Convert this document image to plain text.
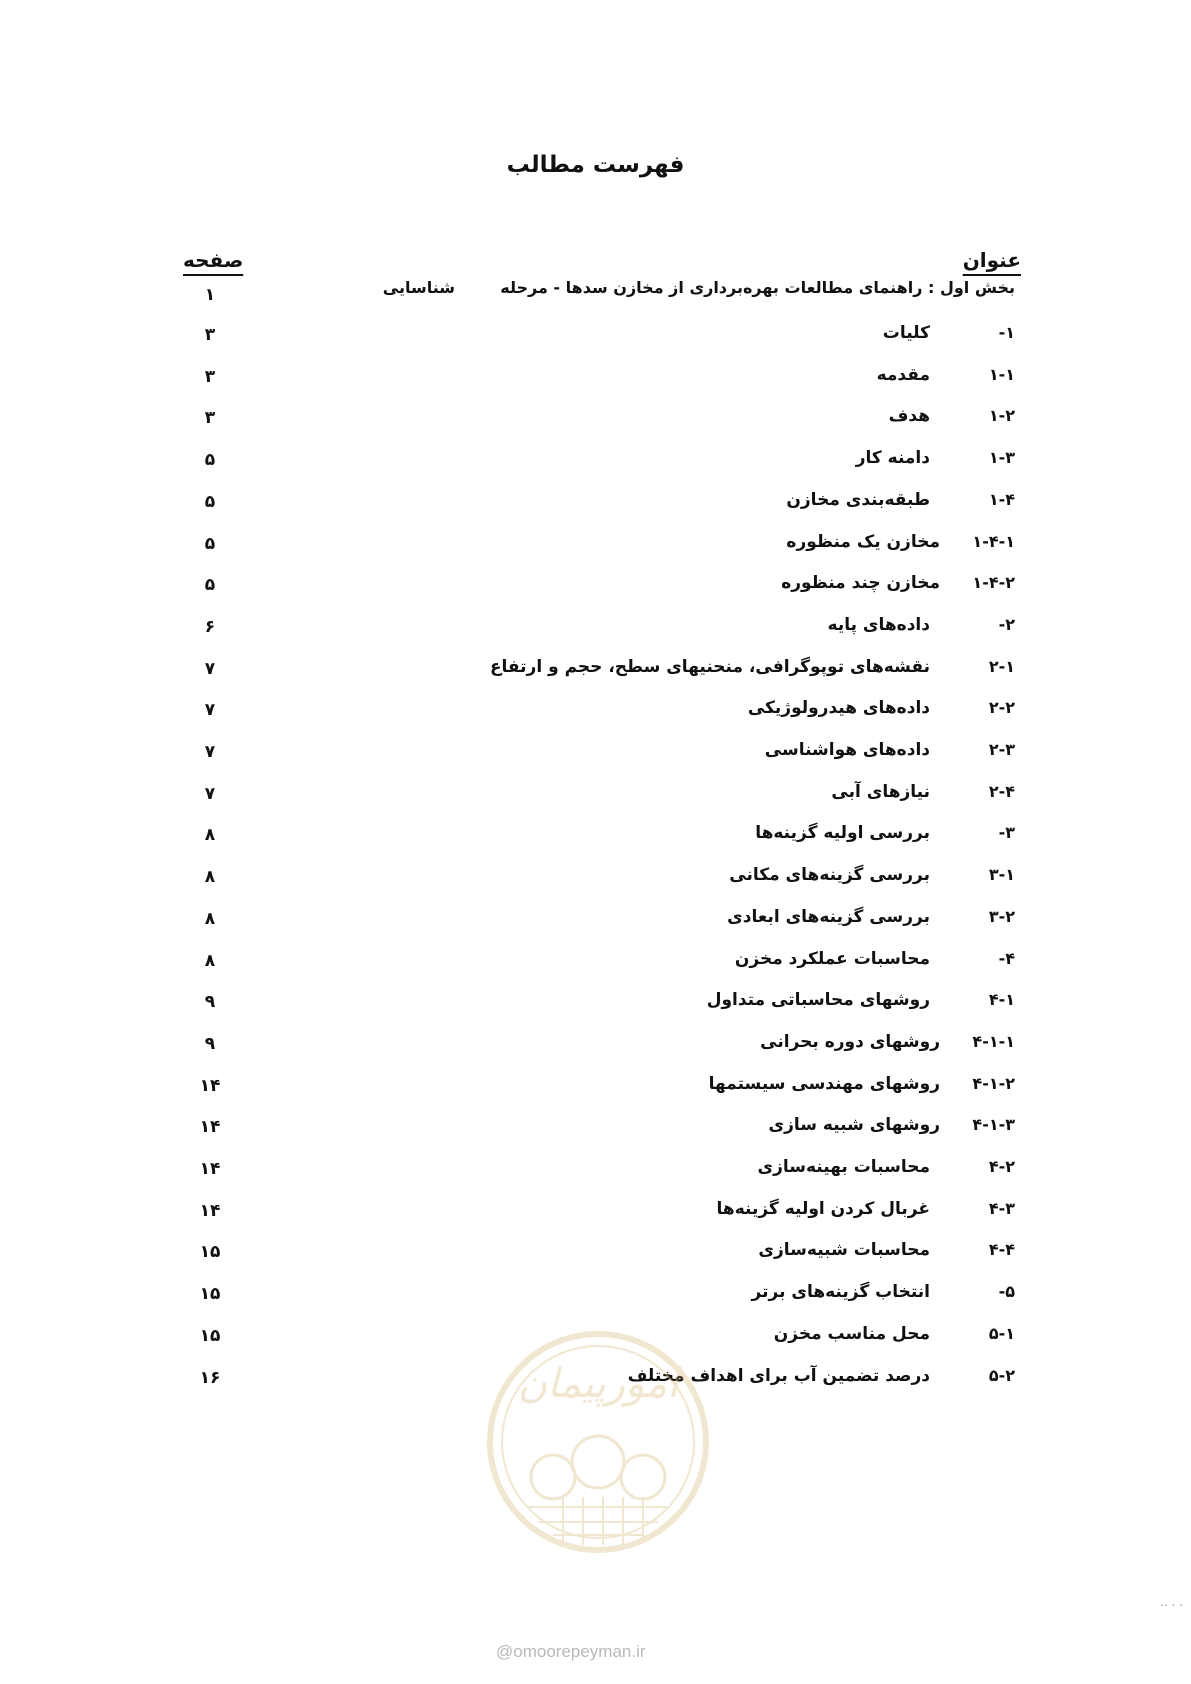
فهرست مطالب
عنوان
صفحه
بخش اول : راهنمای مطالعات بهره‌برداری از مخازن سدها - مرحله
شناسایی
۱
۱-
کلیات
۳
۱-۱
مقدمه
۳
۱-۲
هدف
۳
۱-۳
دامنه کار
۵
۱-۴
طبقه‌بندی مخازن
۵
۱-۴-۱
مخازن یک منظوره
۵
۱-۴-۲
مخازن چند منظوره
۵
۲-
داده‌های پایه
۶
۲-۱
نقشه‌های توپوگرافی، منحنیهای سطح، حجم و ارتفاع
۷
۲-۲
داده‌های هیدرولوژیکی
۷
۲-۳
داده‌های هواشناسی
۷
۲-۴
نیازهای آبی
۷
۳-
بررسی اولیه گزینه‌ها
۸
۳-۱
بررسی گزینه‌های مکانی
۸
۳-۲
بررسی گزینه‌های ابعادی
۸
۴-
محاسبات عملکرد مخزن
۸
۴-۱
روشهای محاسباتی متداول
۹
۴-۱-۱
روشهای دوره بحرانی
۹
۴-۱-۲
روشهای مهندسی سیستمها
۱۴
۴-۱-۳
روشهای شبیه سازی
۱۴
۴-۲
محاسبات بهینه‌سازی
۱۴
۴-۳
غربال کردن اولیه گزینه‌ها
۱۴
۴-۴
محاسبات شبیه‌سازی
۱۵
۵-
انتخاب گزینه‌های برتر
۱۵
۵-۱
محل مناسب مخزن
۱۵
۵-۲
درصد تضمین آب برای اهداف مختلف
۱۶	امورپیمان
@omoorepeyman.ir
.. . .
